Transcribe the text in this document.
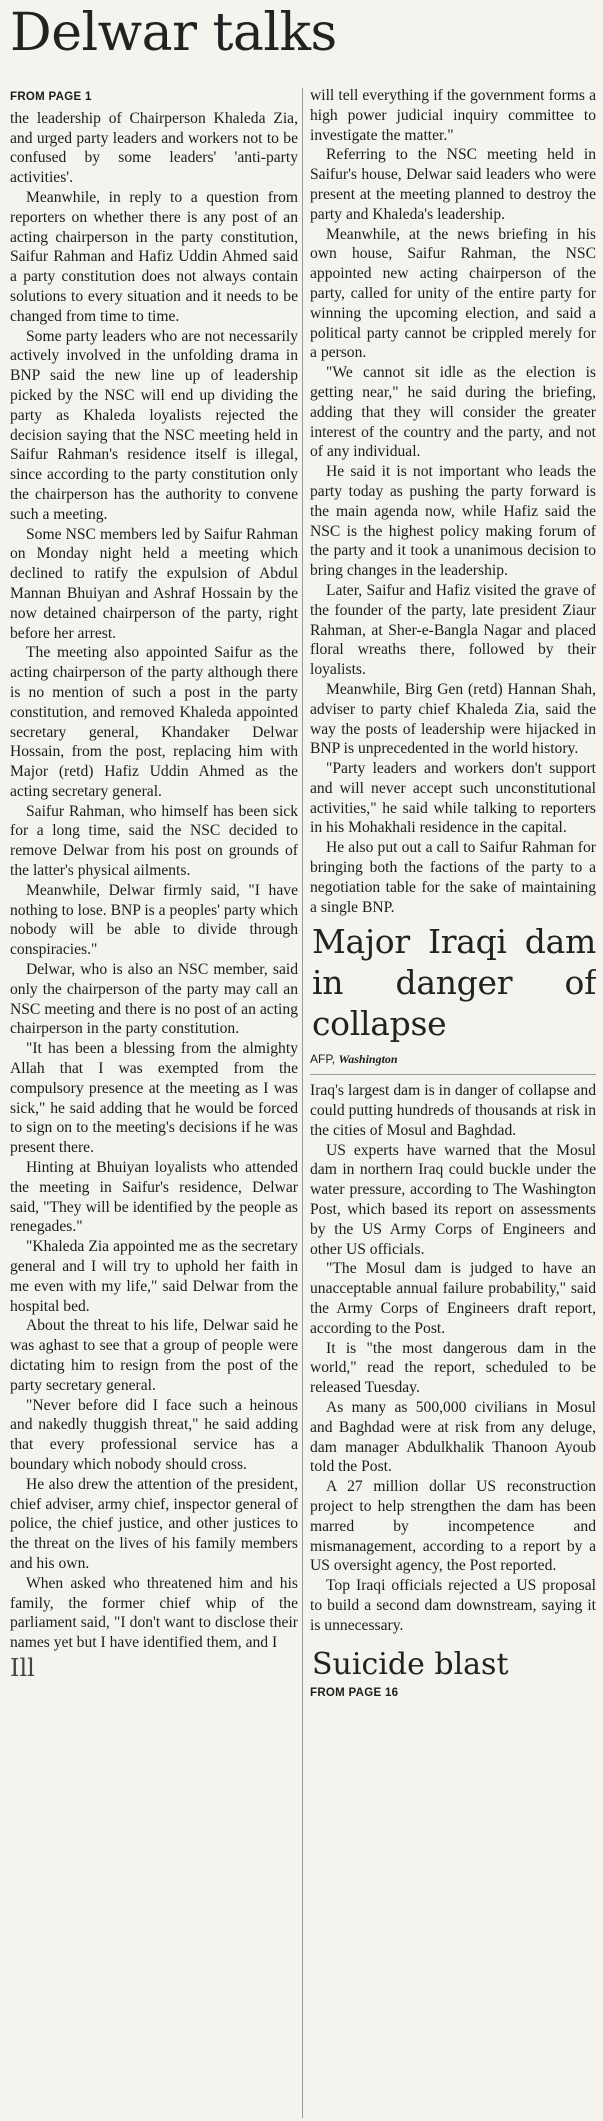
Delwar talks
FROM PAGE 1

the leadership of Chairperson Khaleda Zia, and urged party leaders and workers not to be confused by some leaders' 'anti-party activities'.

Meanwhile, in reply to a question from reporters on whether there is any post of an acting chairperson in the party constitution, Saifur Rahman and Hafiz Uddin Ahmed said a party constitution does not always contain solutions to every situation and it needs to be changed from time to time.

Some party leaders who are not necessarily actively involved in the unfolding drama in BNP said the new line up of leadership picked by the NSC will end up dividing the party as Khaleda loyalists rejected the decision saying that the NSC meeting held in Saifur Rahman's residence itself is illegal, since according to the party constitution only the chairperson has the authority to convene such a meeting.

Some NSC members led by Saifur Rahman on Monday night held a meeting which declined to ratify the expulsion of Abdul Mannan Bhuiyan and Ashraf Hossain by the now detained chairperson of the party, right before her arrest.

The meeting also appointed Saifur as the acting chairperson of the party although there is no mention of such a post in the party constitution, and removed Khaleda appointed secretary general, Khandaker Delwar Hossain, from the post, replacing him with Major (retd) Hafiz Uddin Ahmed as the acting secretary general.

Saifur Rahman, who himself has been sick for a long time, said the NSC decided to remove Delwar from his post on grounds of the latter's physical ailments.

Meanwhile, Delwar firmly said, "I have nothing to lose. BNP is a peoples' party which nobody will be able to divide through conspiracies."

Delwar, who is also an NSC member, said only the chairperson of the party may call an NSC meeting and there is no post of an acting chairperson in the party constitution.

"It has been a blessing from the almighty Allah that I was exempted from the compulsory presence at the meeting as I was sick," he said adding that he would be forced to sign on to the meeting's decisions if he was present there.

Hinting at Bhuiyan loyalists who attended the meeting in Saifur's residence, Delwar said, "They will be identified by the people as renegades."

"Khaleda Zia appointed me as the secretary general and I will try to uphold her faith in me even with my life," said Delwar from the hospital bed.

About the threat to his life, Delwar said he was aghast to see that a group of people were dictating him to resign from the post of the party secretary general.

"Never before did I face such a heinous and nakedly thuggish threat," he said adding that every professional service has a boundary which nobody should cross.

He also drew the attention of the president, chief adviser, army chief, inspector general of police, the chief justice, and other justices to the threat on the lives of his family members and his own.

When asked who threatened him and his family, the former chief whip of the parliament said, "I don't want to disclose their names yet but I have identified them, and I

Ill

will tell everything if the government forms a high power judicial inquiry committee to investigate the matter."

Referring to the NSC meeting held in Saifur's house, Delwar said leaders who were present at the meeting planned to destroy the party and Khaleda's leadership.

Meanwhile, at the news briefing in his own house, Saifur Rahman, the NSC appointed new acting chairperson of the party, called for unity of the entire party for winning the upcoming election, and said a political party cannot be crippled merely for a person.

"We cannot sit idle as the election is getting near," he said during the briefing, adding that they will consider the greater interest of the country and the party, and not of any individual.

He said it is not important who leads the party today as pushing the party forward is the main agenda now, while Hafiz said the NSC is the highest policy making forum of the party and it took a unanimous decision to bring changes in the leadership.

Later, Saifur and Hafiz visited the grave of the founder of the party, late president Ziaur Rahman, at Sher-e-Bangla Nagar and placed floral wreaths there, followed by their loyalists.

Meanwhile, Birg Gen (retd) Hannan Shah, adviser to party chief Khaleda Zia, said the way the posts of leadership were hijacked in BNP is unprecedented in the world history.

"Party leaders and workers don't support and will never accept such unconstitutional activities," he said while talking to reporters in his Mohakhali residence in the capital.

He also put out a call to Saifur Rahman for bringing both the factions of the party to a negotiation table for the sake of maintaining a single BNP.

Major Iraqi dam in danger of collapse
AFP, Washington

Iraq's largest dam is in danger of collapse and could putting hundreds of thousands at risk in the cities of Mosul and Baghdad.

US experts have warned that the Mosul dam in northern Iraq could buckle under the water pressure, according to The Washington Post, which based its report on assessments by the US Army Corps of Engineers and other US officials.

"The Mosul dam is judged to have an unacceptable annual failure probability," said the Army Corps of Engineers draft report, according to the Post.

It is "the most dangerous dam in the world," read the report, scheduled to be released Tuesday.

As many as 500,000 civilians in Mosul and Baghdad were at risk from any deluge, dam manager Abdulkhalik Thanoon Ayoub told the Post.

A 27 million dollar US reconstruction project to help strengthen the dam has been marred by incompetence and mismanagement, according to a report by a US oversight agency, the Post reported.

Top Iraqi officials rejected a US proposal to build a second dam downstream, saying it is unnecessary.

Suicide blast
FROM PAGE 16
